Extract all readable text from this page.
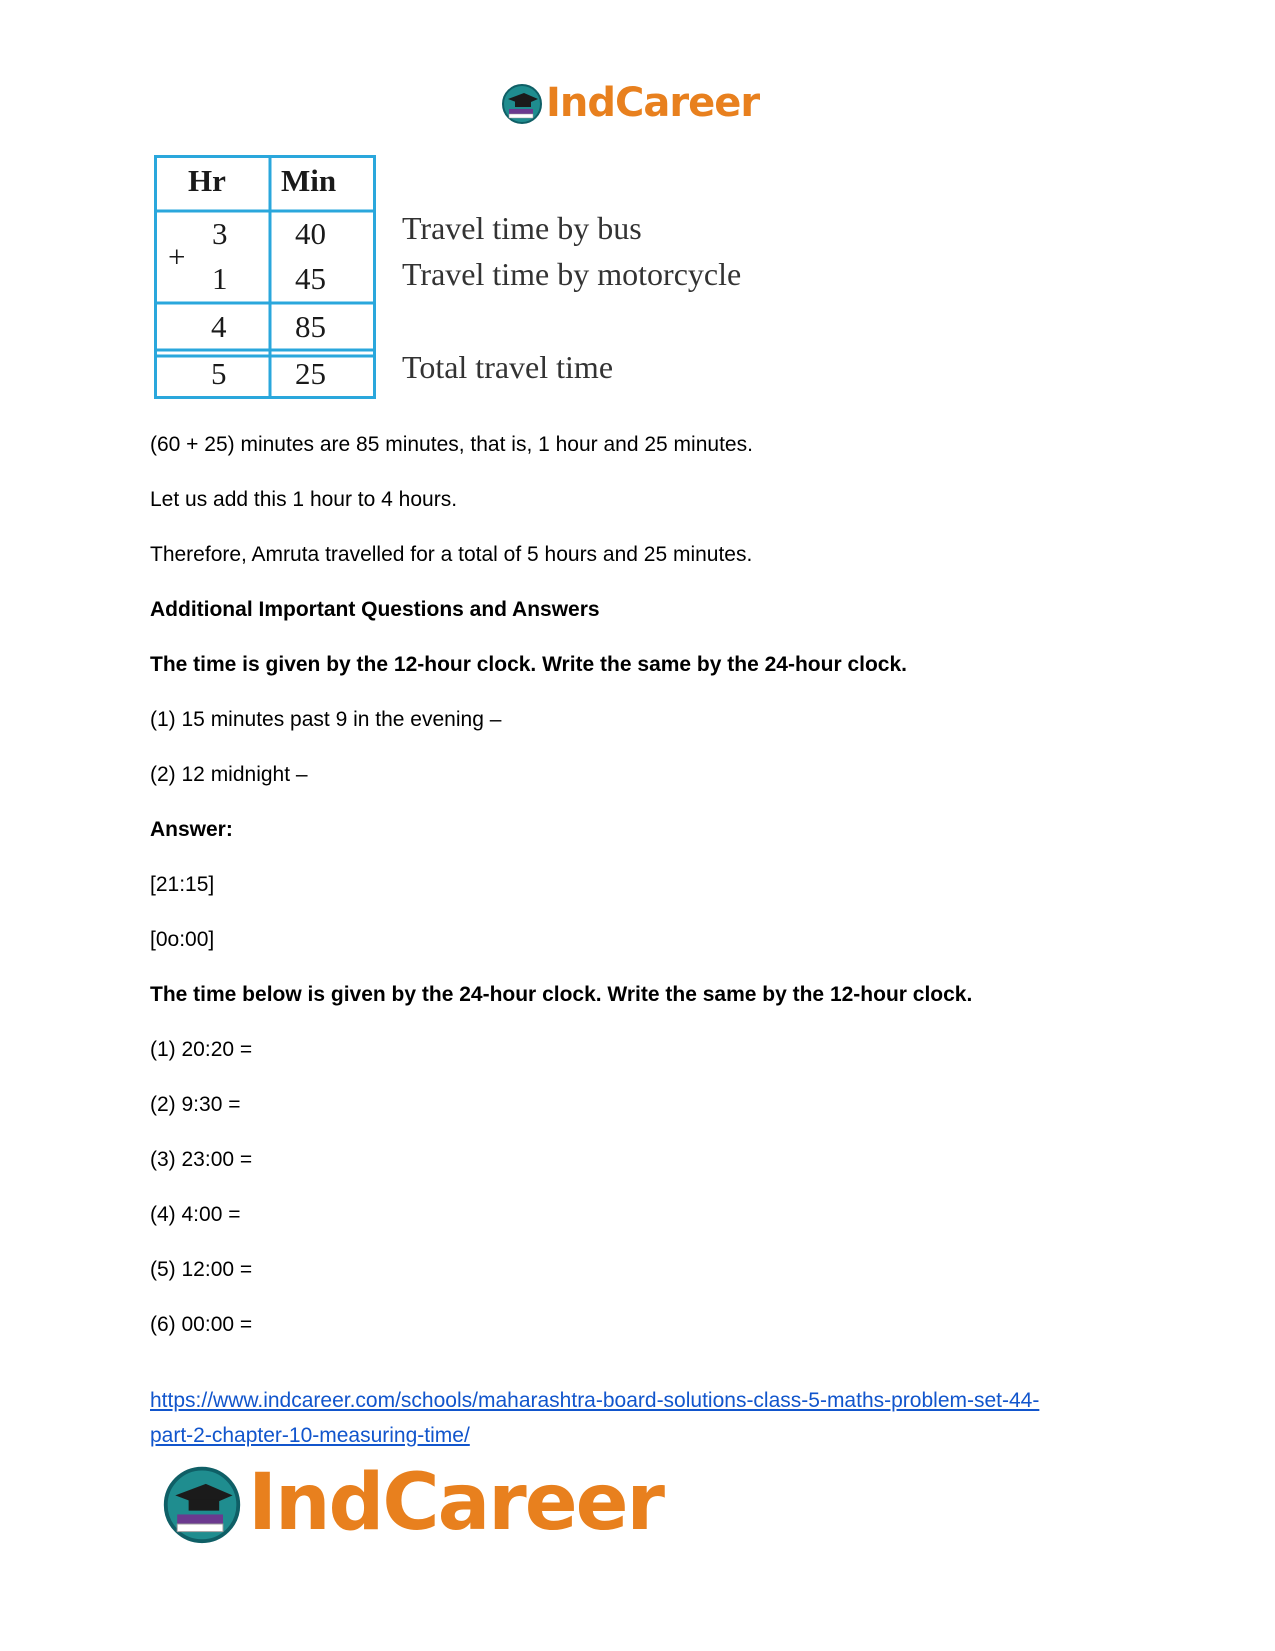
IndCareer
Hr Min
+
3 40
1 45
4 85
5 25
Travel time by bus
Travel time by motorcycle
Total travel time
(60 + 25) minutes are 85 minutes, that is, 1 hour and 25 minutes.
Let us add this 1 hour to 4 hours.
Therefore, Amruta travelled for a total of 5 hours and 25 minutes.
Additional Important Questions and Answers
The time is given by the 12-hour clock. Write the same by the 24-hour clock.
(1) 15 minutes past 9 in the evening –
(2) 12 midnight –
Answer:
[21:15]
[0o:00]
The time below is given by the 24-hour clock. Write the same by the 12-hour clock.
(1) 20:20 =
(2) 9:30 =
(3) 23:00 =
(4) 4:00 =
(5) 12:00 =
(6) 00:00 =
https://www.indcareer.com/schools/maharashtra-board-solutions-class-5-maths-problem-set-44-
part-2-chapter-10-measuring-time/
IndCareer
